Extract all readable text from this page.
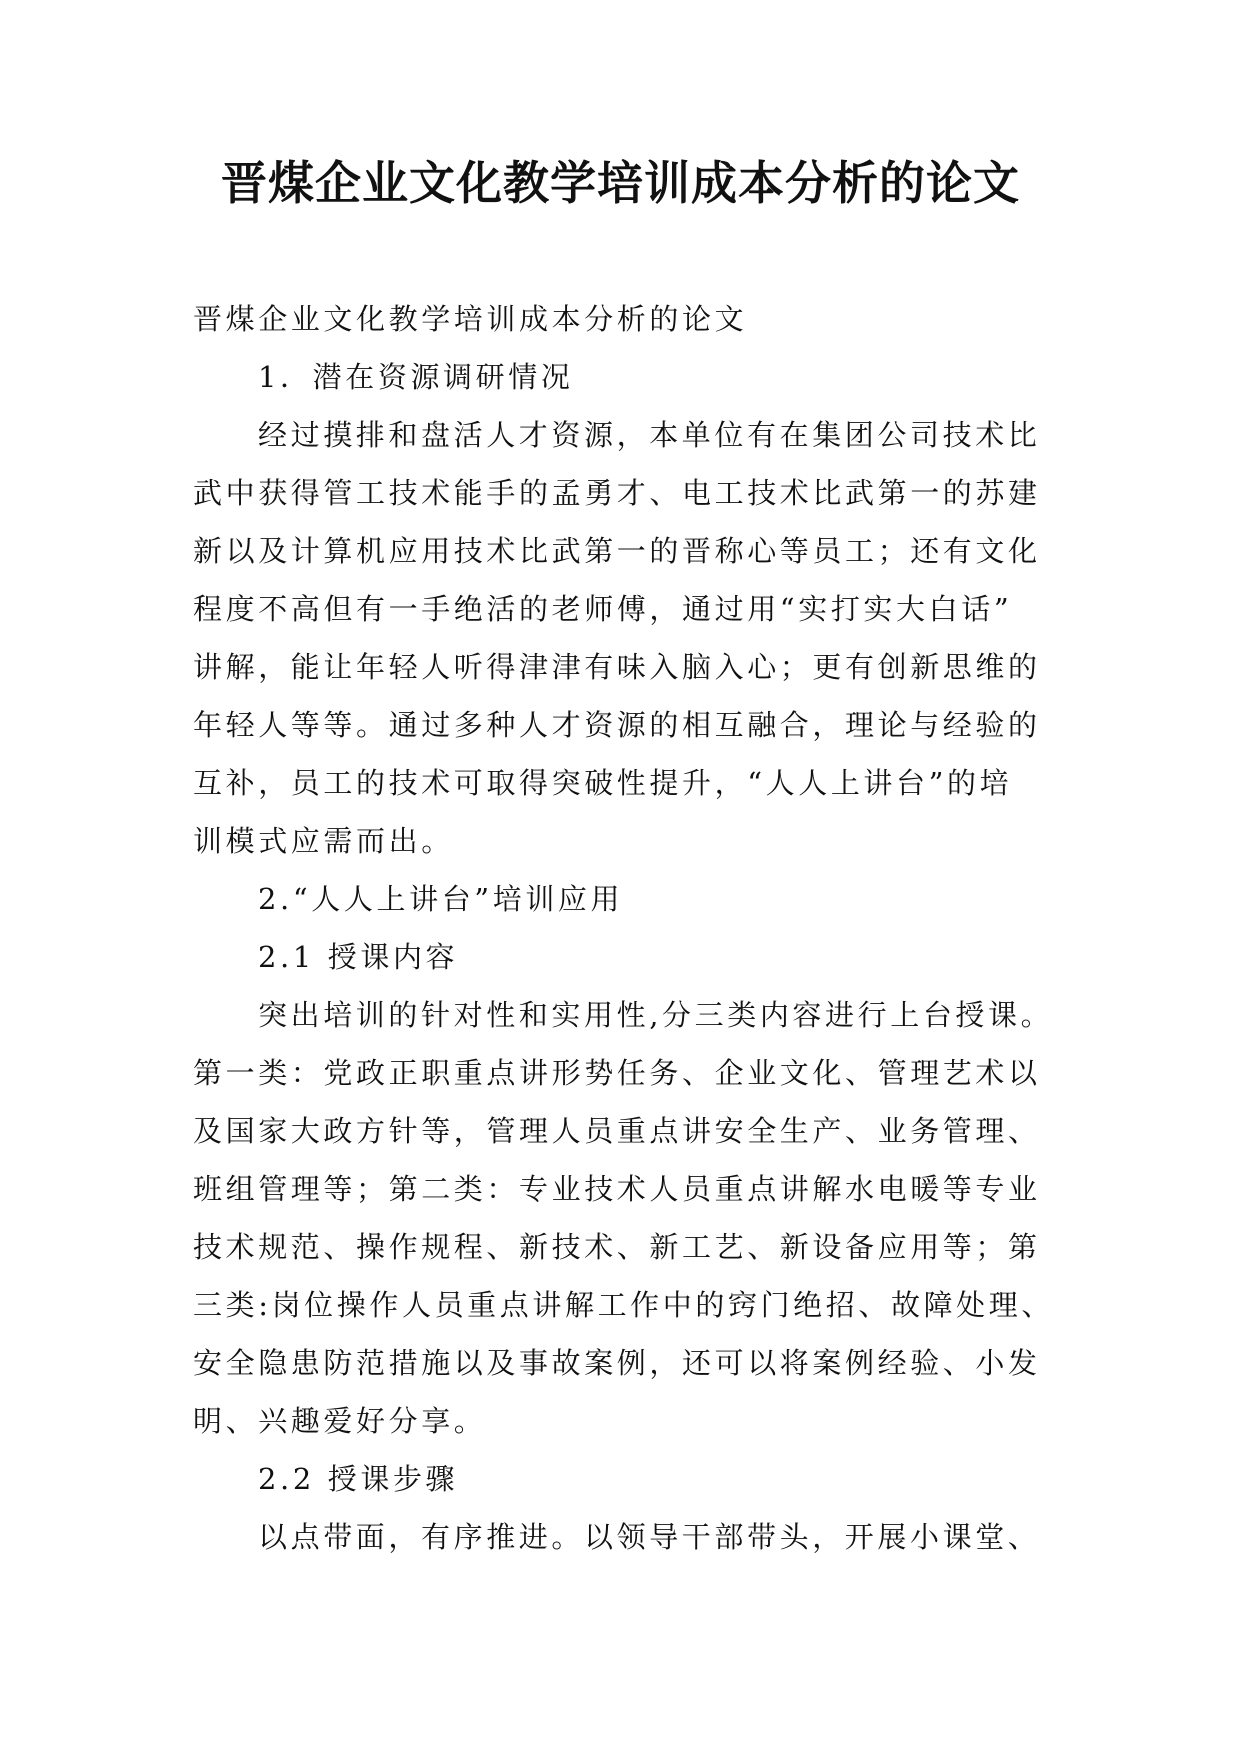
晋煤企业文化教学培训成本分析的论文

晋煤企业文化教学培训成本分析的论文

1．潜在资源调研情况

经过摸排和盘活人才资源，本单位有在集团公司技术比

武中获得管工技术能手的孟勇才、电工技术比武第一的苏建

新以及计算机应用技术比武第一的晋称心等员工；还有文化

程度不高但有一手绝活的老师傅，通过用“实打实大白话”

讲解，能让年轻人听得津津有味入脑入心；更有创新思维的

年轻人等等。通过多种人才资源的相互融合，理论与经验的

互补，员工的技术可取得突破性提升，“人人上讲台”的培

训模式应需而出。

2.“人人上讲台”培训应用

2.1 授课内容

突出培训的针对性和实用性,分三类内容进行上台授课。

第一类：党政正职重点讲形势任务、企业文化、管理艺术以

及国家大政方针等，管理人员重点讲安全生产、业务管理、

班组管理等；第二类：专业技术人员重点讲解水电暖等专业

技术规范、操作规程、新技术、新工艺、新设备应用等；第

三类:岗位操作人员重点讲解工作中的窍门绝招、故障处理、

安全隐患防范措施以及事故案例，还可以将案例经验、小发

明、兴趣爱好分享。

2.2 授课步骤

以点带面，有序推进。以领导干部带头，开展小课堂、
